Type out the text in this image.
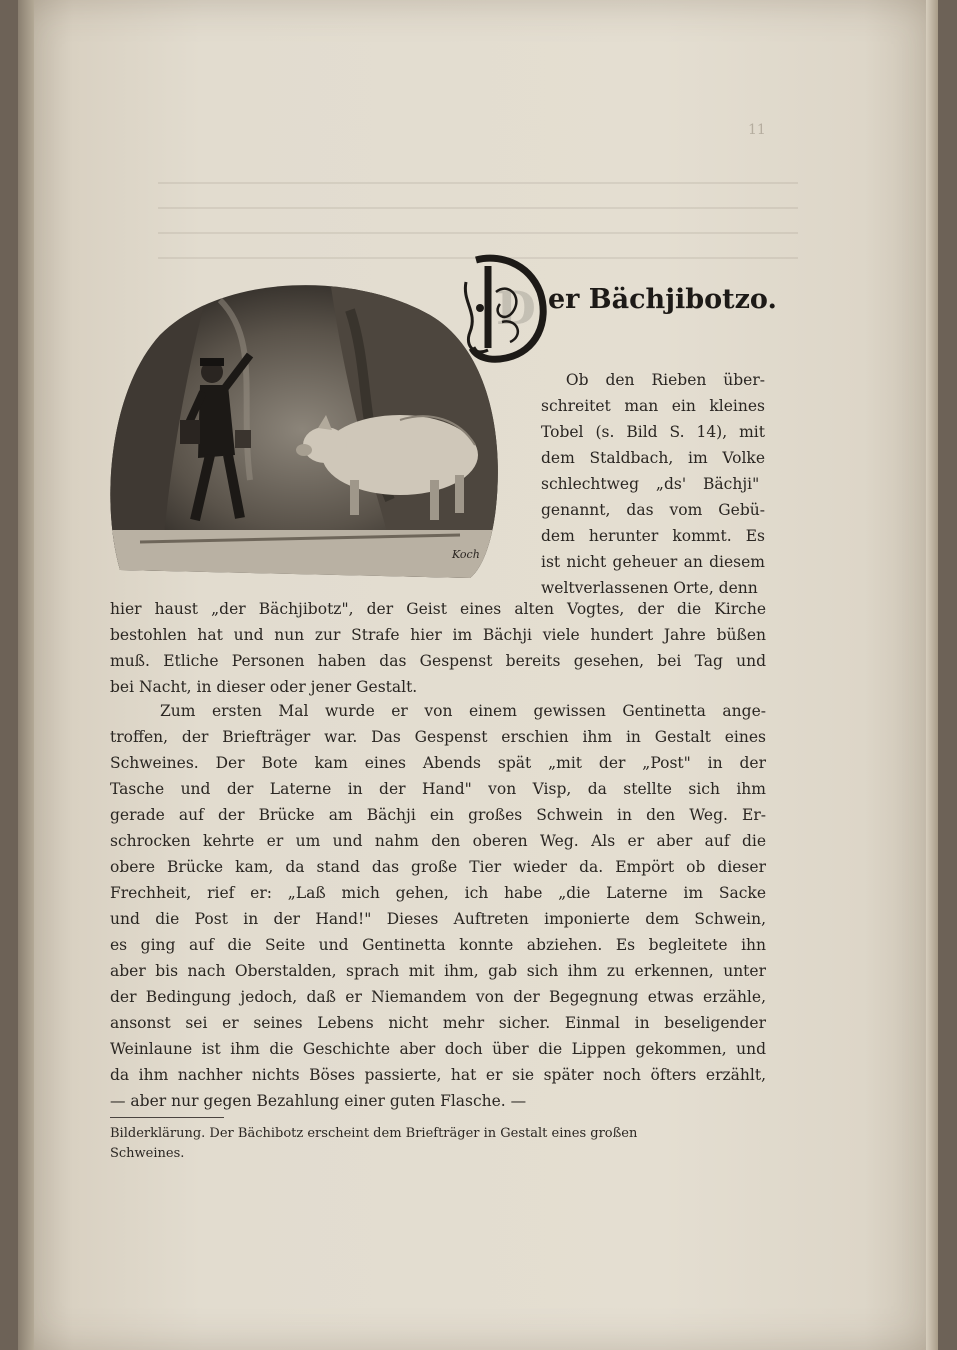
11
Koch
D er Bächjibotzo.
Ob den Rieben über-
schreitet man ein kleines
Tobel (s. Bild S. 14), mit
dem Staldbach, im Volke
schlechtweg „ds' Bächji"
genannt, das vom Gebü-
dem herunter kommt. Es
ist nicht geheuer an diesem
weltverlassenen Orte, denn
hier haust „der Bächjibotz", der Geist eines alten Vogtes, der die Kirche
bestohlen hat und nun zur Strafe hier im Bächji viele hundert Jahre büßen
muß. Etliche Personen haben das Gespenst bereits gesehen, bei Tag und
bei Nacht, in dieser oder jener Gestalt.
Zum ersten Mal wurde er von einem gewissen Gentinetta ange-
troffen, der Briefträger war. Das Gespenst erschien ihm in Gestalt eines
Schweines. Der Bote kam eines Abends spät „mit der „Post" in der
Tasche und der Laterne in der Hand" von Visp, da stellte sich ihm
gerade auf der Brücke am Bächji ein großes Schwein in den Weg. Er-
schrocken kehrte er um und nahm den oberen Weg. Als er aber auf die
obere Brücke kam, da stand das große Tier wieder da. Empört ob dieser
Frechheit, rief er: „Laß mich gehen, ich habe „die Laterne im Sacke
und die Post in der Hand!" Dieses Auftreten imponierte dem Schwein,
es ging auf die Seite und Gentinetta konnte abziehen. Es begleitete ihn
aber bis nach Oberstalden, sprach mit ihm, gab sich ihm zu erkennen, unter
der Bedingung jedoch, daß er Niemandem von der Begegnung etwas erzähle,
ansonst sei er seines Lebens nicht mehr sicher. Einmal in beseligender
Weinlaune ist ihm die Geschichte aber doch über die Lippen gekommen, und
da ihm nachher nichts Böses passierte, hat er sie später noch öfters erzählt,
— aber nur gegen Bezahlung einer guten Flasche. —
Bilderklärung. Der Bächibotz erscheint dem Briefträger in Gestalt eines großen
Schweines.
